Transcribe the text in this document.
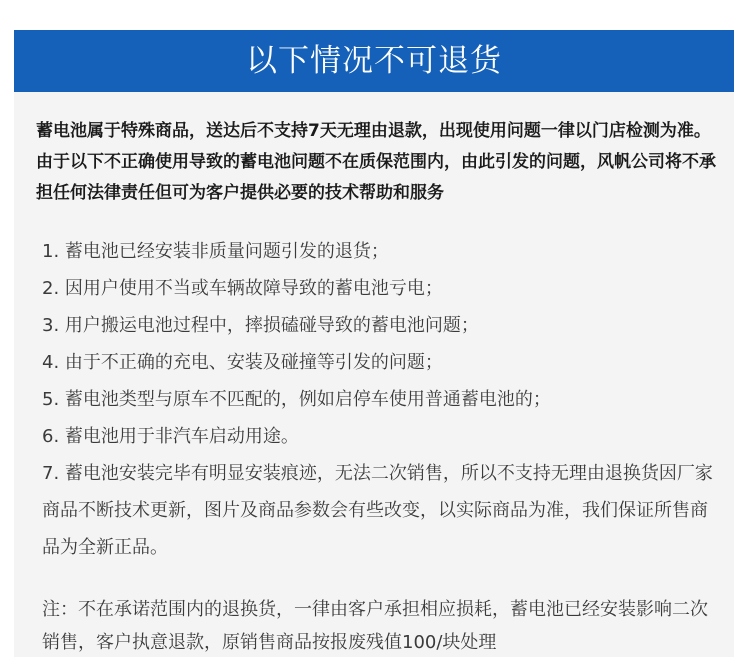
以下情况不可退货
蓄电池属于特殊商品，送达后不支持7天无理由退款，出现使用问题一律以门店检测为准。由于以下不正确使用导致的蓄电池问题不在质保范围内，由此引发的问题，风帆公司将不承担任何法律责任但可为客户提供必要的技术帮助和服务
1. 蓄电池已经安装非质量问题引发的退货；
2. 因用户使用不当或车辆故障导致的蓄电池亏电；
3. 用户搬运电池过程中，摔损磕碰导致的蓄电池问题；
4. 由于不正确的充电、安装及碰撞等引发的问题；
5. 蓄电池类型与原车不匹配的，例如启停车使用普通蓄电池的；
6. 蓄电池用于非汽车启动用途。
7. 蓄电池安装完毕有明显安装痕迹，无法二次销售，所以不支持无理由退换货因厂家商品不断技术更新，图片及商品参数会有些改变，以实际商品为准，我们保证所售商品为全新正品。
注：不在承诺范围内的退换货，一律由客户承担相应损耗，蓄电池已经安装影响二次销售，客户执意退款，原销售商品按报废残值100/块处理
